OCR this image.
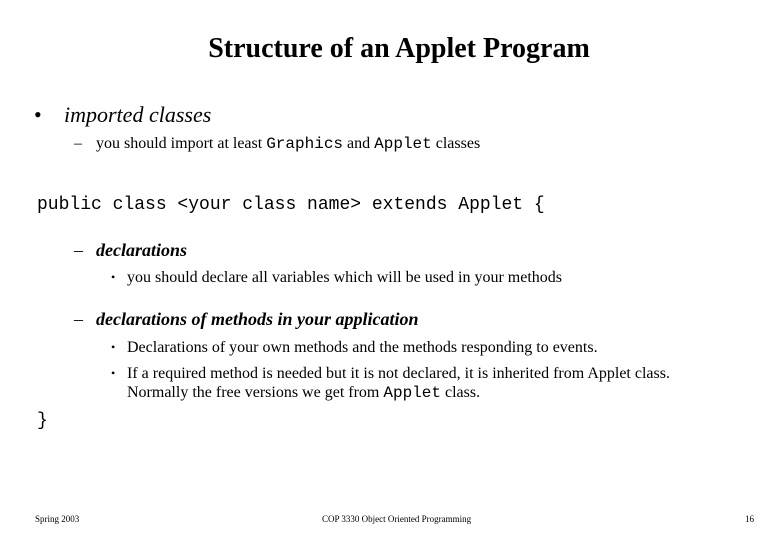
Structure of an Applet Program
• imported classes
– you should import at least Graphics and Applet classes
public class <your class name> extends Applet {
– declarations
• you should declare all variables which will be used in your methods
– declarations of methods in your application
• Declarations of your own methods and the methods responding to events.
• If a required method is needed but it is not declared, it is inherited from Applet class.
Normally the free versions we get from Applet class.
}
Spring 2003	COP 3330 Object Oriented Programming	16
